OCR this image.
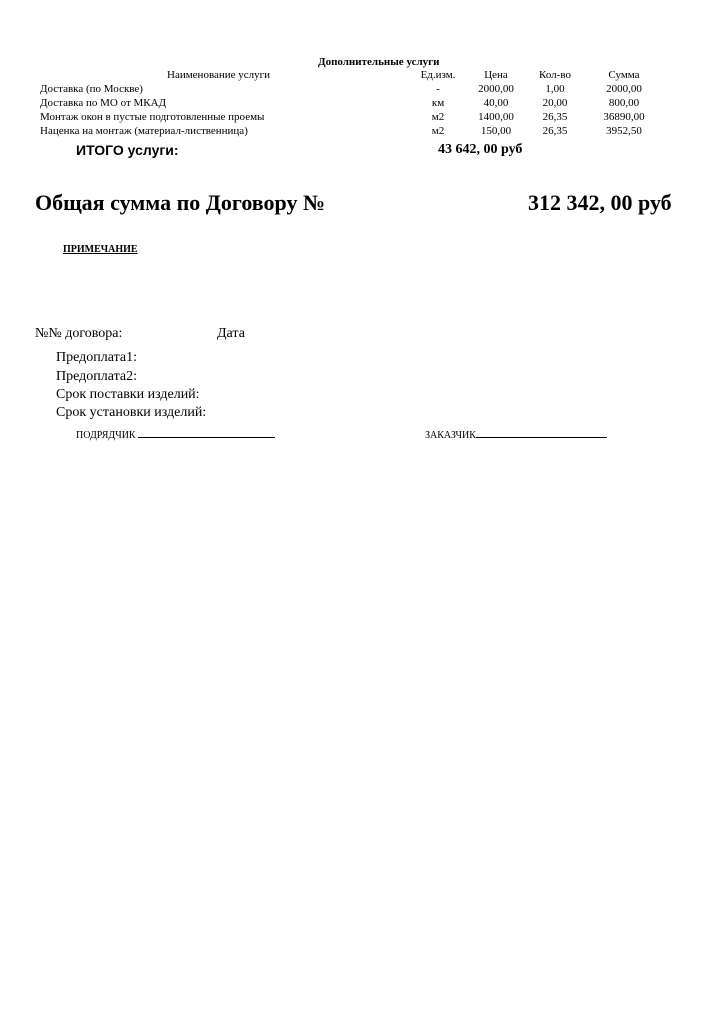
Дополнительные услуги
Наименование услуги	Ед.изм.	Цена	Кол-во	Сумма
Доставка (по Москве)	-	2000,00	1,00	2000,00
Доставка по МО от МКАД	км	40,00	20,00	800,00
Монтаж окон в пустые подготовленные проемы	м2	1400,00	26,35	36890,00
Наценка на монтаж (материал-лиственница)	м2	150,00	26,35	3952,50
ИТОГО услуги:	43 642, 00 руб
Общая сумма по Договору №	312 342, 00 руб
ПРИМЕЧАНИЕ
№№ договора:	Дата
Предоплата1:
Предоплата2:
Срок поставки изделий:
Срок установки изделий:
ПОДРЯДЧИК	ЗАКАЗЧИК
